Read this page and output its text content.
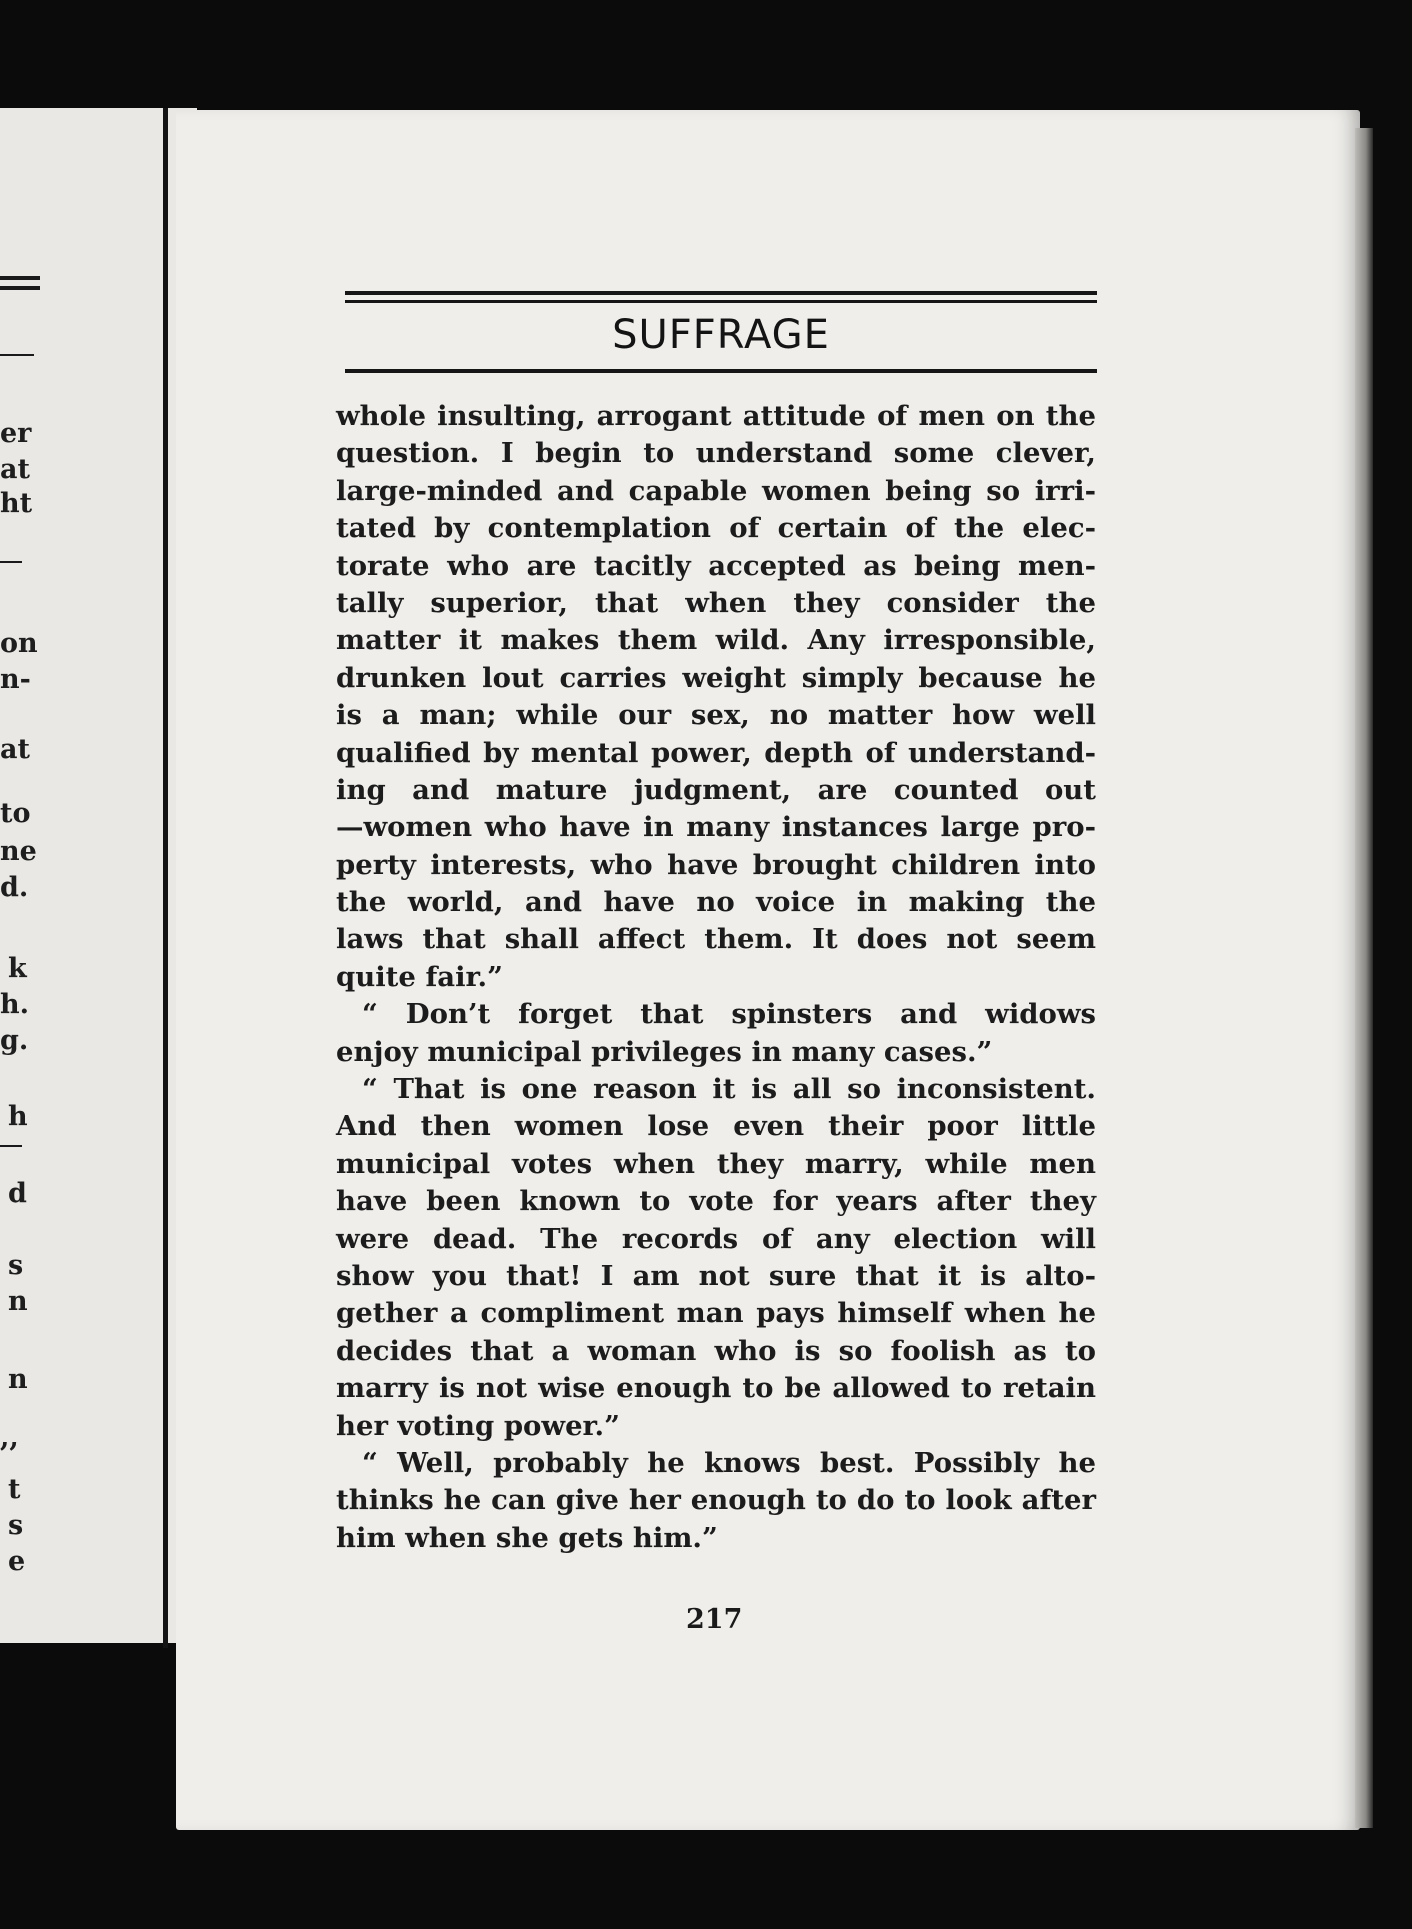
er
at
ht
on
n-
at
to
ne
d.
k
h.
g.
h
d
s
n
n
,,
t
s
e
SUFFRAGE
whole insulting, arrogant attitude of men on the
question. I begin to understand some clever,
large-minded and capable women being so irri-
tated by contemplation of certain of the elec-
torate who are tacitly accepted as being men-
tally superior, that when they consider the
matter it makes them wild. Any irresponsible,
drunken lout carries weight simply because he
is a man; while our sex, no matter how well
qualified by mental power, depth of understand-
ing and mature judgment, are counted out
—women who have in many instances large pro-
perty interests, who have brought children into
the world, and have no voice in making the
laws that shall affect them. It does not seem
quite fair.”
“ Don’t forget that spinsters and widows
enjoy municipal privileges in many cases.”
“ That is one reason it is all so inconsistent.
And then women lose even their poor little
municipal votes when they marry, while men
have been known to vote for years after they
were dead. The records of any election will
show you that! I am not sure that it is alto-
gether a compliment man pays himself when he
decides that a woman who is so foolish as to
marry is not wise enough to be allowed to retain
her voting power.”
“ Well, probably he knows best. Possibly he
thinks he can give her enough to do to look after
him when she gets him.”
217
